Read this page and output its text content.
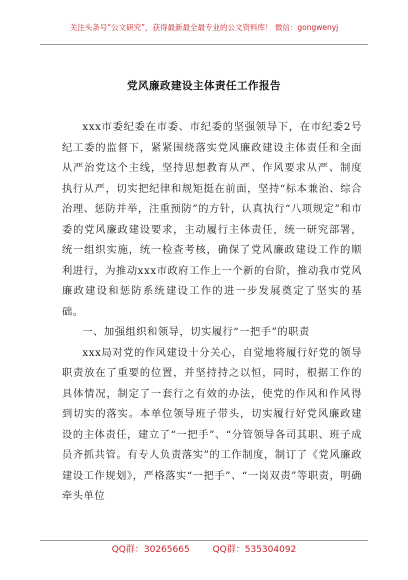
关注头条号“公文研究”，获得最新最全最专业的公文资料库！ 微信：gongwenyj
党风廉政建设主体责任工作报告

xxx市委纪委在市委、市纪委的坚强领导下，在市纪委2号纪工委的监督下，紧紧围绕落实党风廉政建设主体责任和全面从严治党这个主线，坚持思想教育从严、作风要求从严、制度执行从严，切实把纪律和规矩挺在前面，坚持“标本兼治、综合治理、惩防并举，注重预防”的方针，认真执行“八项规定”和市委的党风廉政建设要求，主动履行主体责任，统一研究部署，统一组织实施，统一检查考核，确保了党风廉政建设工作的顺利进行，为推动xxx市政府工作上一个新的台阶，推动我市党风廉政建设和惩防系统建设工作的进一步发展奠定了坚实的基础。

一、加强组织和领导，切实履行“一把手”的职责

xxx局对党的作风建设十分关心，自觉地将履行好党的领导职责放在了重要的位置，并坚持持之以恒，同时，根据工作的具体情况，制定了一套行之有效的办法，使党的作风和作风得到切实的落实。本单位领导班子带头，切实履行好党风廉政建设的主体责任，建立了“一把手”、“分管领导各司其职、班子成员齐抓共管。有专人负责落实”的工作制度，制订了《党风廉政建设工作规划》，严格落实“一把手”、“一岗双责”等职责，明确牵头单位

QQ群：30265665	QQ群：535304092
